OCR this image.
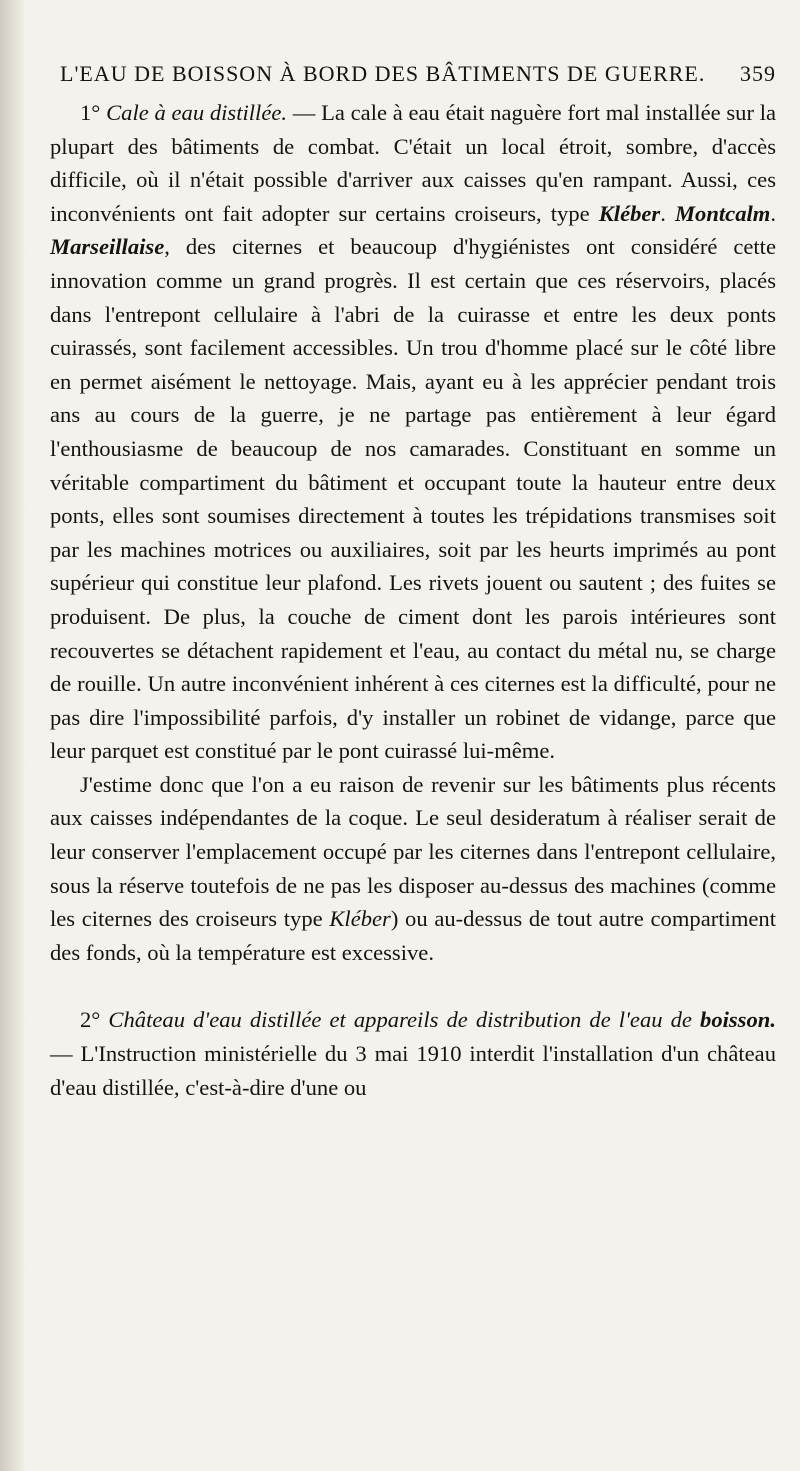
L'EAU DE BOISSON À BORD DES BÂTIMENTS DE GUERRE. 359

1° Cale à eau distillée. — La cale à eau était naguère fort mal installée sur la plupart des bâtiments de combat. C'était un local étroit, sombre, d'accès difficile, où il n'était possible d'arriver aux caisses qu'en rampant. Aussi, ces inconvénients ont fait adopter sur certains croiseurs, type Kléber. Montcalm. Marseillaise, des citernes et beaucoup d'hygiénistes ont considéré cette innovation comme un grand progrès. Il est certain que ces réservoirs, placés dans l'entrepont cellulaire à l'abri de la cuirasse et entre les deux ponts cuirassés, sont facilement accessibles. Un trou d'homme placé sur le côté libre en permet aisément le nettoyage. Mais, ayant eu à les apprécier pendant trois ans au cours de la guerre, je ne partage pas entièrement à leur égard l'enthousiasme de beaucoup de nos camarades. Constituant en somme un véritable compartiment du bâtiment et occupant toute la hauteur entre deux ponts, elles sont soumises directement à toutes les trépidations transmises soit par les machines motrices ou auxiliaires, soit par les heurts imprimés au pont supérieur qui constitue leur plafond. Les rivets jouent ou sautent ; des fuites se produisent. De plus, la couche de ciment dont les parois intérieures sont recouvertes se détachent rapidement et l'eau, au contact du métal nu, se charge de rouille. Un autre inconvénient inhérent à ces citernes est la difficulté, pour ne pas dire l'impossibilité parfois, d'y installer un robinet de vidange, parce que leur parquet est constitué par le pont cuirassé lui-même.

J'estime donc que l'on a eu raison de revenir sur les bâtiments plus récents aux caisses indépendantes de la coque. Le seul desideratum à réaliser serait de leur conserver l'emplacement occupé par les citernes dans l'entrepont cellulaire, sous la réserve toutefois de ne pas les disposer au-dessus des machines (comme les citernes des croiseurs type Kléber) ou au-dessus de tout autre compartiment des fonds, où la température est excessive.

2° Château d'eau distillée et appareils de distribution de l'eau de boisson. — L'Instruction ministérielle du 3 mai 1910 interdit l'installation d'un château d'eau distillée, c'est-à-dire d'une ou
